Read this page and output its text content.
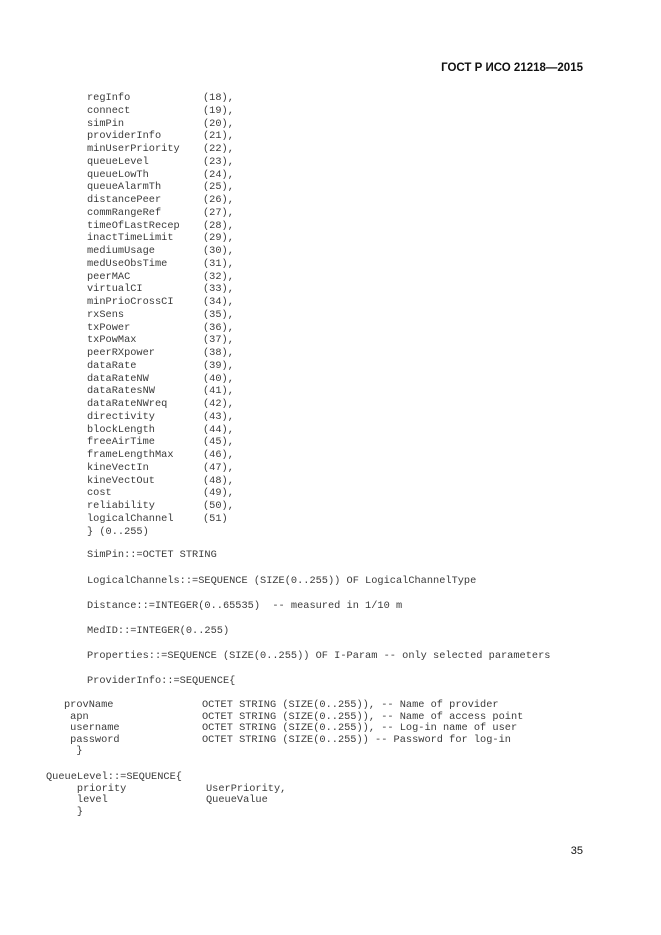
ГОСТ Р ИСО 21218—2015
regInfo	(18),
connect	(19),
simPin	(20),
providerInfo	(21),
minUserPriority (22),
queueLevel	(23),
queueLowTh	(24),
queueAlarmTh	(25),
distancePeer	(26),
commRangeRef	(27),
timeOfLastRecep (28),
inactTimeLimit	(29),
mediumUsage	(30),
medUseObsTime	(31),
peerMAC	(32),
virtualCI	(33),
minPrioCrossCI	(34),
rxSens	(35),
txPower	(36),
txPowMax	(37),
peerRXpower	(38),
dataRate	(39),
dataRateNW	(40),
dataRatesNW	(41),
dataRateNWreq	(42),
directivity	(43),
blockLength	(44),
freeAirTime	(45),
frameLengthMax	(46),
kineVectIn	(47),
kineVectOut	(48),
cost	(49),
reliability	(50),
logicalChannel	(51)
} (0..255)
SimPin::=OCTET STRING
LogicalChannels::=SEQUENCE (SIZE(0..255)) OF LogicalChannelType
Distance::=INTEGER(0..65535)  -- measured in 1/10 m
MedID::=INTEGER(0..255)
Properties::=SEQUENCE (SIZE(0..255)) OF I-Param -- only selected parameters
ProviderInfo::=SEQUENCE{
provName	OCTET STRING (SIZE(0..255)), -- Name of provider
apn	OCTET STRING (SIZE(0..255)), -- Name of access point
username	OCTET STRING (SIZE(0..255)), -- Log-in name of user
password	OCTET STRING (SIZE(0..255)) -- Password for log-in
}
QueueLevel::=SEQUENCE{
priority	UserPriority,
level	QueueValue
}
35
